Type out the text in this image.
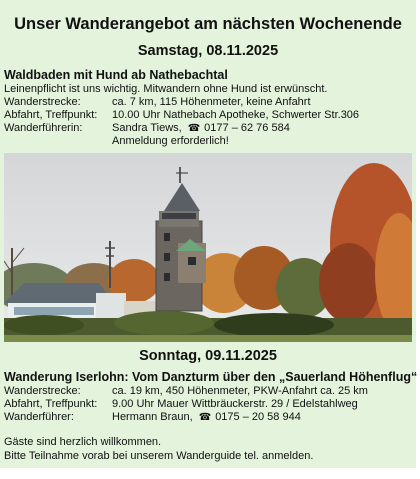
Unser Wanderangebot am nächsten Wochenende
Samstag, 08.11.2025
Waldbaden mit Hund ab Nathebachtal
Leinenpflicht ist uns wichtig. Mitwandern ohne Hund ist erwünscht.
Wanderstrecke:	ca. 7 km, 115 Höhenmeter, keine Anfahrt
Abfahrt, Treffpunkt: 10.00 Uhr Nathebach Apotheke, Schwerter Str.306
Wanderführerin:	Sandra Tiews, ☎ 0177 – 62 76 584
Anmeldung erforderlich!
Sonntag, 09.11.2025
Wanderung Iserlohn: Vom Danzturm über den „Sauerland Höhenflug“
Wanderstrecke:	ca. 19 km, 450 Höhenmeter, PKW-Anfahrt ca. 25 km
Abfahrt, Treffpunkt: 9.00 Uhr Mauer Wittbräuckerstr. 29 / Edelstahlweg
Wanderführer:	Hermann Braun, ☎ 0175 – 20 58 944
Gäste sind herzlich willkommen.
Bitte Teilnahme vorab bei unserem Wanderguide tel. anmelden.
